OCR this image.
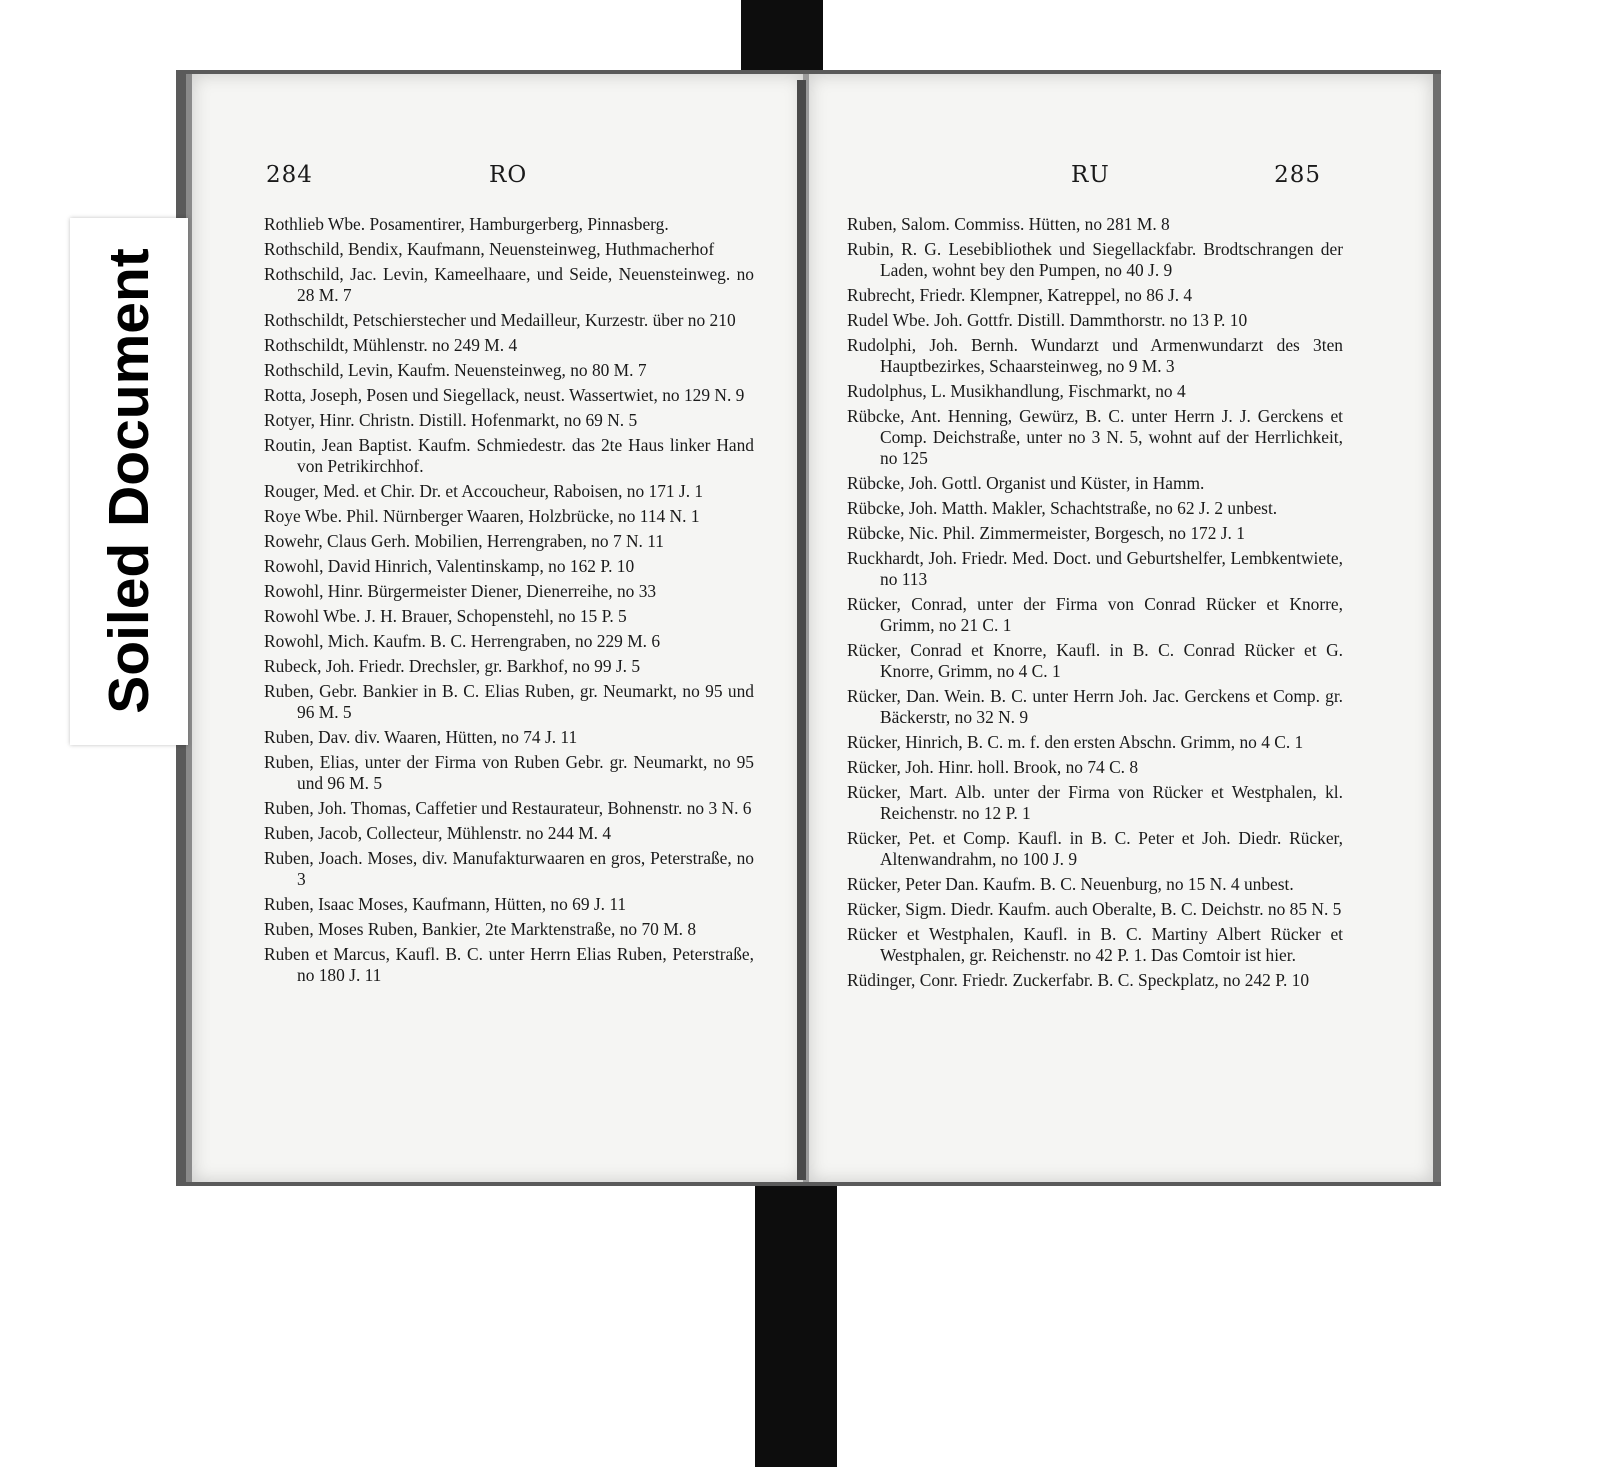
284	RO
Rothlieb Wbe. Posamentirer, Hamburgerberg, Pinnasberg.
Rothschild, Bendix, Kaufmann, Neuensteinweg, Huthmacherhof
Rothschild, Jac. Levin, Kameelhaare, und Seide, Neuensteinweg. no 28 M. 7
Rothschildt, Petschierstecher und Medailleur, Kurzestr. über no 210
Rothschildt, Mühlenstr. no 249 M. 4
Rothschild, Levin, Kaufm. Neuensteinweg, no 80 M. 7
Rotta, Joseph, Posen und Siegellack, neust. Wassertwiet, no 129 N. 9
Rotyer, Hinr. Christn. Distill. Hofenmarkt, no 69 N. 5
Routin, Jean Baptist. Kaufm. Schmiedestr. das 2te Haus linker Hand von Petrikirchhof.
Rouger, Med. et Chir. Dr. et Accoucheur, Raboisen, no 171 J. 1
Roye Wbe. Phil. Nürnberger Waaren, Holzbrücke, no 114 N. 1
Rowehr, Claus Gerh. Mobilien, Herrengraben, no 7 N. 11
Rowohl, David Hinrich, Valentinskamp, no 162 P. 10
Rowohl, Hinr. Bürgermeister Diener, Dienerreihe, no 33
Rowohl Wbe. J. H. Brauer, Schopenstehl, no 15 P. 5
Rowohl, Mich. Kaufm. B. C. Herrengraben, no 229 M. 6
Rubeck, Joh. Friedr. Drechsler, gr. Barkhof, no 99 J. 5
Ruben, Gebr. Bankier in B. C. Elias Ruben, gr. Neumarkt, no 95 und 96 M. 5
Ruben, Dav. div. Waaren, Hütten, no 74 J. 11
Ruben, Elias, unter der Firma von Ruben Gebr. gr. Neumarkt, no 95 und 96 M. 5
Ruben, Joh. Thomas, Caffetier und Restaurateur, Bohnenstr. no 3 N. 6
Ruben, Jacob, Collecteur, Mühlenstr. no 244 M. 4
Ruben, Joach. Moses, div. Manufakturwaaren en gros, Peterstraße, no 3
Ruben, Isaac Moses, Kaufmann, Hütten, no 69 J. 11
Ruben, Moses Ruben, Bankier, 2te Marktenstraße, no 70 M. 8
Ruben et Marcus, Kaufl. B. C. unter Herrn Elias Ruben, Peterstraße, no 180 J. 11
RU	285
Ruben, Salom. Commiss. Hütten, no 281 M. 8
Rubin, R. G. Lesebibliothek und Siegellackfabr. Brodtschrangen der Laden, wohnt bey den Pumpen, no 40 J. 9
Rubrecht, Friedr. Klempner, Katreppel, no 86 J. 4
Rudel Wbe. Joh. Gottfr. Distill. Dammthorstr. no 13 P. 10
Rudolphi, Joh. Bernh. Wundarzt und Armenwundarzt des 3ten Hauptbezirkes, Schaarsteinweg, no 9 M. 3
Rudolphus, L. Musikhandlung, Fischmarkt, no 4
Rübcke, Ant. Henning, Gewürz, B. C. unter Herrn J. J. Gerckens et Comp. Deichstraße, unter no 3 N. 5, wohnt auf der Herrlichkeit, no 125
Rübcke, Joh. Gottl. Organist und Küster, in Hamm.
Rübcke, Joh. Matth. Makler, Schachtstraße, no 62 J. 2 unbest.
Rübcke, Nic. Phil. Zimmermeister, Borgesch, no 172 J. 1
Ruckhardt, Joh. Friedr. Med. Doct. und Geburtshelfer, Lembkentwiete, no 113
Rücker, Conrad, unter der Firma von Conrad Rücker et Knorre, Grimm, no 21 C. 1
Rücker, Conrad et Knorre, Kaufl. in B. C. Conrad Rücker et G. Knorre, Grimm, no 4 C. 1
Rücker, Dan. Wein. B. C. unter Herrn Joh. Jac. Gerckens et Comp. gr. Bäckerstr, no 32 N. 9
Rücker, Hinrich, B. C. m. f. den ersten Abschn. Grimm, no 4 C. 1
Rücker, Joh. Hinr. holl. Brook, no 74 C. 8
Rücker, Mart. Alb. unter der Firma von Rücker et Westphalen, kl. Reichenstr. no 12 P. 1
Rücker, Pet. et Comp. Kaufl. in B. C. Peter et Joh. Diedr. Rücker, Altenwandrahm, no 100 J. 9
Rücker, Peter Dan. Kaufm. B. C. Neuenburg, no 15 N. 4 unbest.
Rücker, Sigm. Diedr. Kaufm. auch Oberalte, B. C. Deichstr. no 85 N. 5
Rücker et Westphalen, Kaufl. in B. C. Martiny Albert Rücker et Westphalen, gr. Reichenstr. no 42 P. 1. Das Comtoir ist hier.
Rüdinger, Conr. Friedr. Zuckerfabr. B. C. Speckplatz, no 242 P. 10
Soiled Document
